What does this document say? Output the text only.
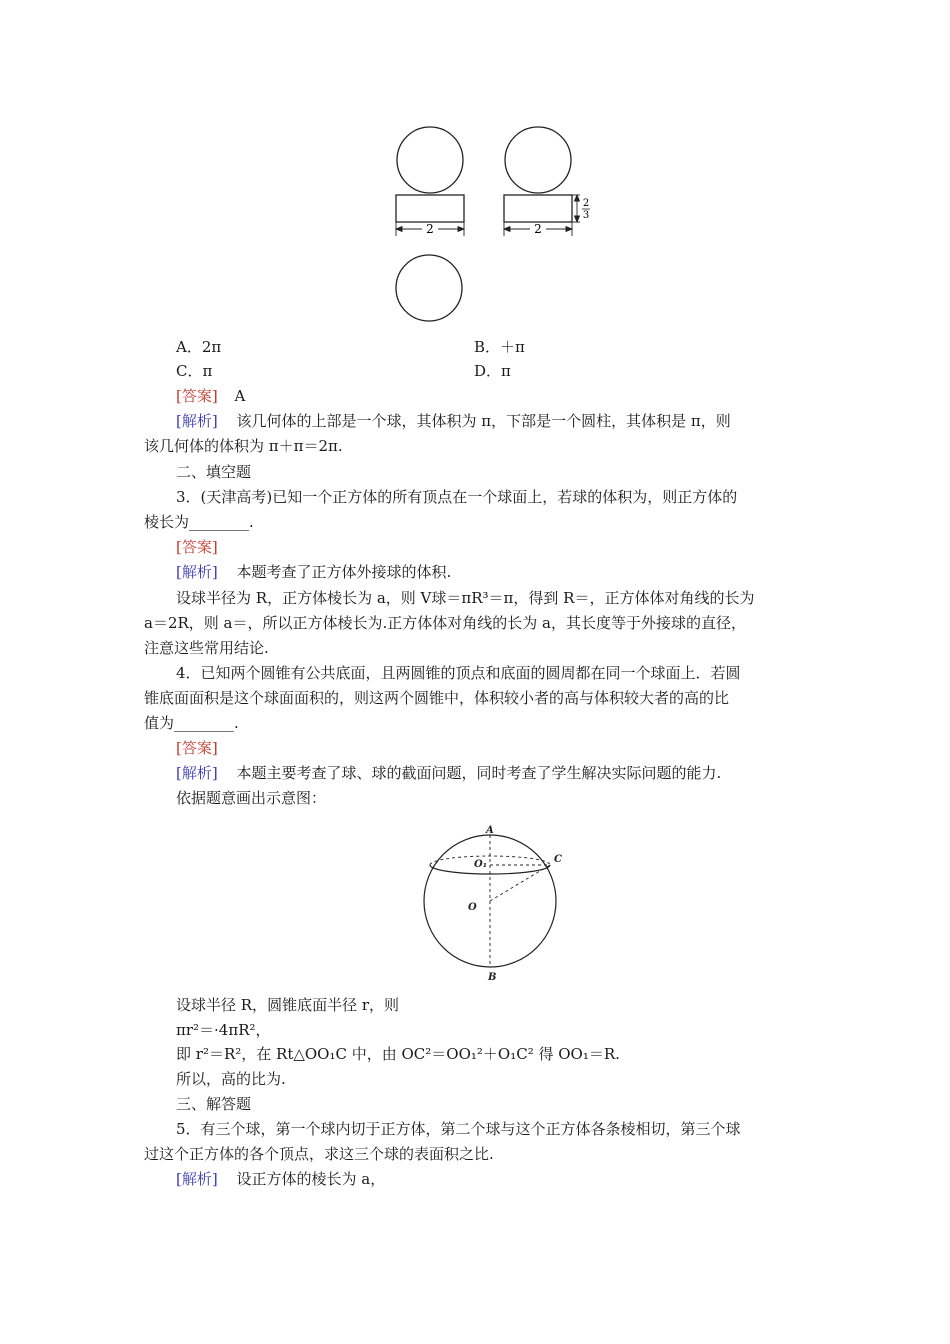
2	2
2
3
A．2π	B．＋π
C．π	D．π
[答案] A
[解析] 该几何体的上部是一个球，其体积为 π，下部是一个圆柱，其体积是 π，则
该几何体的体积为 π＋π＝2π.
二、填空题
3．(天津高考)已知一个正方体的所有顶点在一个球面上，若球的体积为，则正方体的
棱长为________.
[答案]
[解析] 本题考查了正方体外接球的体积.
设球半径为 R，正方体棱长为 a，则 V球＝πR³＝π，得到 R＝，正方体体对角线的长为
a＝2R，则 a＝，所以正方体棱长为.正方体体对角线的长为 a，其长度等于外接球的直径，
注意这些常用结论.
4．已知两个圆锥有公共底面，且两圆锥的顶点和底面的圆周都在同一个球面上．若圆
锥底面面积是这个球面面积的，则这两个圆锥中，体积较小者的高与体积较大者的高的比
值为________.
[答案]
[解析] 本题主要考查了球、球的截面问题，同时考查了学生解决实际问题的能力.
依据题意画出示意图：
A
C
O₁
O
B
设球半径 R，圆锥底面半径 r，则
πr²＝·4πR²，
即 r²＝R²，在 Rt△OO₁C 中，由 OC²＝OO₁²＋O₁C² 得 OO₁＝R.
所以，高的比为.
三、解答题
5．有三个球，第一个球内切于正方体，第二个球与这个正方体各条棱相切，第三个球
过这个正方体的各个顶点，求这三个球的表面积之比.
[解析] 设正方体的棱长为 a，
